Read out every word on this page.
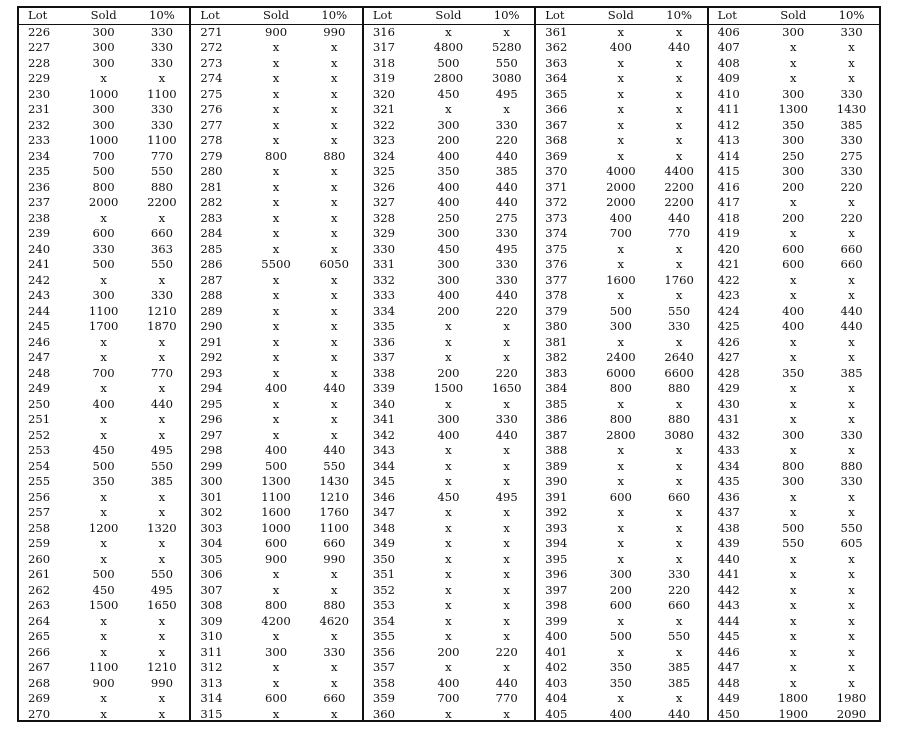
Lot	Sold	10%
226	300	330
227	300	330
228	300	330
229	x	x
230	1000	1100
231	300	330
232	300	330
233	1000	1100
234	700	770
235	500	550
236	800	880
237	2000	2200
238	x	x
239	600	660
240	330	363
241	500	550
242	x	x
243	300	330
244	1100	1210
245	1700	1870
246	x	x
247	x	x
248	700	770
249	x	x
250	400	440
251	x	x
252	x	x
253	450	495
254	500	550
255	350	385
256	x	x
257	x	x
258	1200	1320
259	x	x
260	x	x
261	500	550
262	450	495
263	1500	1650
264	x	x
265	x	x
266	x	x
267	1100	1210
268	900	990
269	x	x
270	x	x
Lot	Sold	10%
271	900	990
272	x	x
273	x	x
274	x	x
275	x	x
276	x	x
277	x	x
278	x	x
279	800	880
280	x	x
281	x	x
282	x	x
283	x	x
284	x	x
285	x	x
286	5500	6050
287	x	x
288	x	x
289	x	x
290	x	x
291	x	x
292	x	x
293	x	x
294	400	440
295	x	x
296	x	x
297	x	x
298	400	440
299	500	550
300	1300	1430
301	1100	1210
302	1600	1760
303	1000	1100
304	600	660
305	900	990
306	x	x
307	x	x
308	800	880
309	4200	4620
310	x	x
311	300	330
312	x	x
313	x	x
314	600	660
315	x	x
Lot	Sold	10%
316	x	x
317	4800	5280
318	500	550
319	2800	3080
320	450	495
321	x	x
322	300	330
323	200	220
324	400	440
325	350	385
326	400	440
327	400	440
328	250	275
329	300	330
330	450	495
331	300	330
332	300	330
333	400	440
334	200	220
335	x	x
336	x	x
337	x	x
338	200	220
339	1500	1650
340	x	x
341	300	330
342	400	440
343	x	x
344	x	x
345	x	x
346	450	495
347	x	x
348	x	x
349	x	x
350	x	x
351	x	x
352	x	x
353	x	x
354	x	x
355	x	x
356	200	220
357	x	x
358	400	440
359	700	770
360	x	x
Lot	Sold	10%
361	x	x
362	400	440
363	x	x
364	x	x
365	x	x
366	x	x
367	x	x
368	x	x
369	x	x
370	4000	4400
371	2000	2200
372	2000	2200
373	400	440
374	700	770
375	x	x
376	x	x
377	1600	1760
378	x	x
379	500	550
380	300	330
381	x	x
382	2400	2640
383	6000	6600
384	800	880
385	x	x
386	800	880
387	2800	3080
388	x	x
389	x	x
390	x	x
391	600	660
392	x	x
393	x	x
394	x	x
395	x	x
396	300	330
397	200	220
398	600	660
399	x	x
400	500	550
401	x	x
402	350	385
403	350	385
404	x	x
405	400	440
Lot	Sold	10%
406	300	330
407	x	x
408	x	x
409	x	x
410	300	330
411	1300	1430
412	350	385
413	300	330
414	250	275
415	300	330
416	200	220
417	x	x
418	200	220
419	x	x
420	600	660
421	600	660
422	x	x
423	x	x
424	400	440
425	400	440
426	x	x
427	x	x
428	350	385
429	x	x
430	x	x
431	x	x
432	300	330
433	x	x
434	800	880
435	300	330
436	x	x
437	x	x
438	500	550
439	550	605
440	x	x
441	x	x
442	x	x
443	x	x
444	x	x
445	x	x
446	x	x
447	x	x
448	x	x
449	1800	1980
450	1900	2090
